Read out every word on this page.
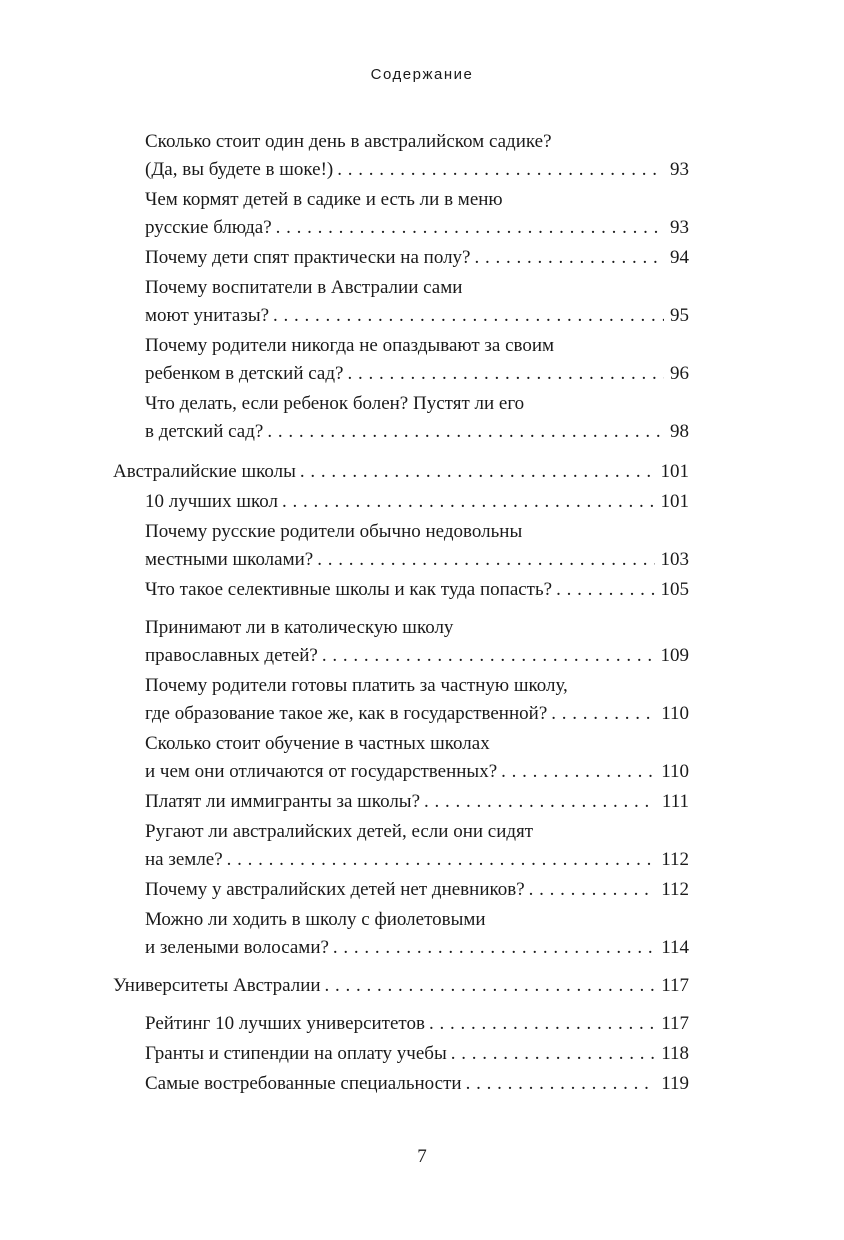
Содержание
Сколько стоит один день в австралийском садике?
(Да, вы будете в шоке!) . . .	93
Чем кормят детей в садике и есть ли в меню
русские блюда? . . .	93
Почему дети спят практически на полу? . . .	94
Почему воспитатели в Австралии сами
моют унитазы? . . .	95
Почему родители никогда не опаздывают за своим
ребенком в детский сад? . . .	96
Что делать, если ребенок болен? Пустят ли его
в детский сад? . . .	98
Австралийские школы . . .	101
10 лучших школ . . .	101
Почему русские родители обычно недовольны
местными школами? . . .	103
Что такое селективные школы и как туда попасть? . . .	105
Принимают ли в католическую школу
православных детей? . . .	109
Почему родители готовы платить за частную школу,
где образование такое же, как в государственной? . . .	110
Сколько стоит обучение в частных школах
и чем они отличаются от государственных? . . .	110
Платят ли иммигранты за школы? . . .	111
Ругают ли австралийских детей, если они сидят
на земле? . . .	112
Почему у австралийских детей нет дневников? . . .	112
Можно ли ходить в школу с фиолетовыми
и зелеными волосами? . . .	114
Университеты Австралии . . .	117
Рейтинг 10 лучших университетов . . .	117
Гранты и стипендии на оплату учебы . . .	118
Самые востребованные специальности . . .	119
7
